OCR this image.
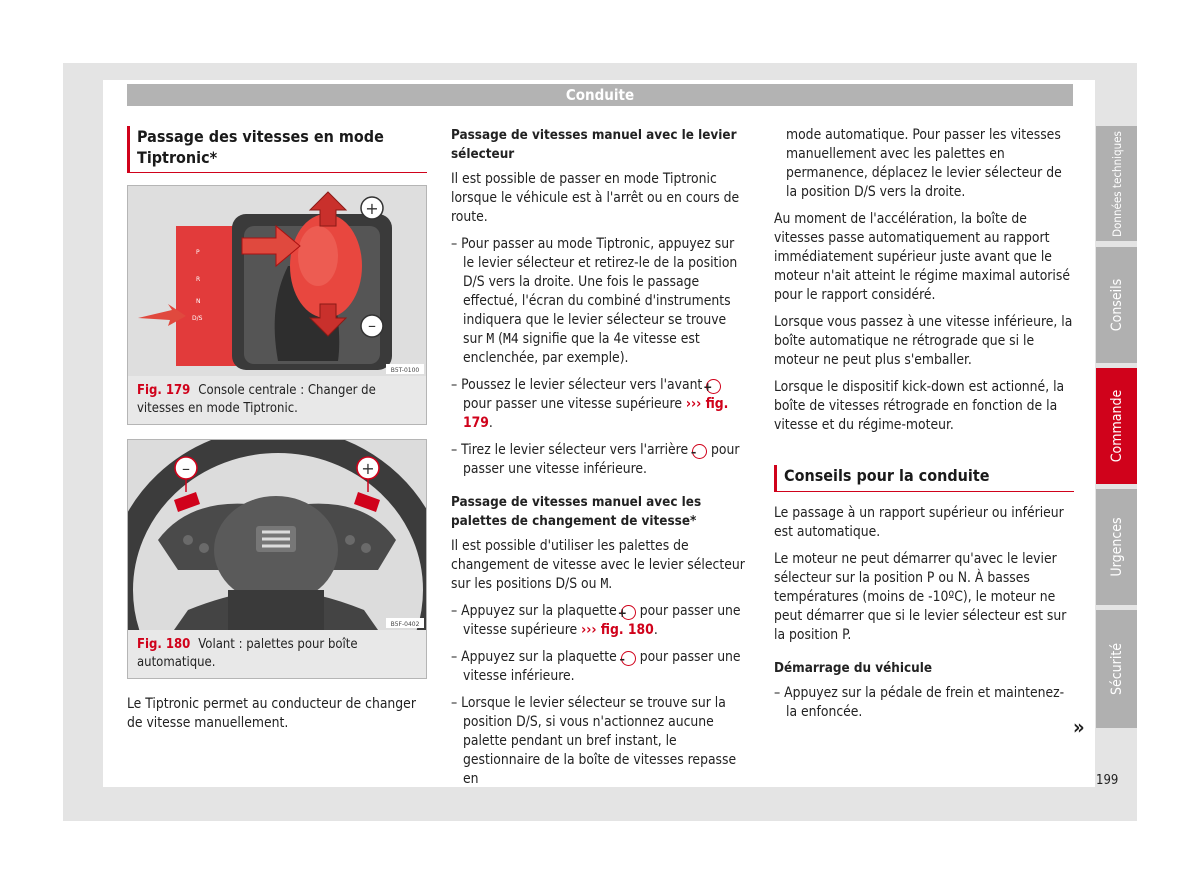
Conduite
Passage des vitesses en mode Tiptronic*
P
R
N
D/S
+
–
B5T-0100
Fig. 179 Console centrale : Changer de vitesses en mode Tiptronic.
–	+
B5F-0402
Fig. 180 Volant : palettes pour boîte automatique.

Le Tiptronic permet au conducteur de changer de vitesse manuellement.

Passage de vitesses manuel avec le levier sélecteur

Il est possible de passer en mode Tiptronic lorsque le véhicule est à l'arrêt ou en cours de route.

– Pour passer au mode Tiptronic, appuyez sur le levier sélecteur et retirez-le de la position D/S vers la droite. Une fois le passage effectué, l'écran du combiné d'instruments indiquera que le levier sélecteur se trouve sur M (M4 signifie que la 4e vitesse est enclenchée, par exemple).
– Poussez le levier sélecteur vers l'avant + pour passer une vitesse supérieure ››› fig. 179.
– Tirez le levier sélecteur vers l'arrière – pour passer une vitesse inférieure.
Passage de vitesses manuel avec les palettes de changement de vitesse*

Il est possible d'utiliser les palettes de changement de vitesse avec le levier sélecteur sur les positions D/S ou M.

– Appuyez sur la plaquette + pour passer une vitesse supérieure ››› fig. 180.
– Appuyez sur la plaquette – pour passer une vitesse inférieure.
– Lorsque le levier sélecteur se trouve sur la position D/S, si vous n'actionnez aucune palette pendant un bref instant, le gestionnaire de la boîte de vitesses repasse en

mode automatique. Pour passer les vitesses manuellement avec les palettes en permanence, déplacez le levier sélecteur de la position D/S vers la droite.

Au moment de l'accélération, la boîte de vitesses passe automatiquement au rapport immédiatement supérieur juste avant que le moteur n'ait atteint le régime maximal autorisé pour le rapport considéré.

Lorsque vous passez à une vitesse inférieure, la boîte automatique ne rétrograde que si le moteur ne peut plus s'emballer.

Lorsque le dispositif kick-down est actionné, la boîte de vitesses rétrograde en fonction de la vitesse et du régime-moteur.

Conseils pour la conduite

Le passage à un rapport supérieur ou inférieur est automatique.

Le moteur ne peut démarrer qu'avec le levier sélecteur sur la position P ou N. À basses températures (moins de -10ºC), le moteur ne peut démarrer que si le levier sélecteur est sur la position P.

Démarrage du véhicule
– Appuyez sur la pédale de frein et maintenez-la enfoncée.
»
Données techniques
Conseils
Commande
Urgences
Sécurité
199
